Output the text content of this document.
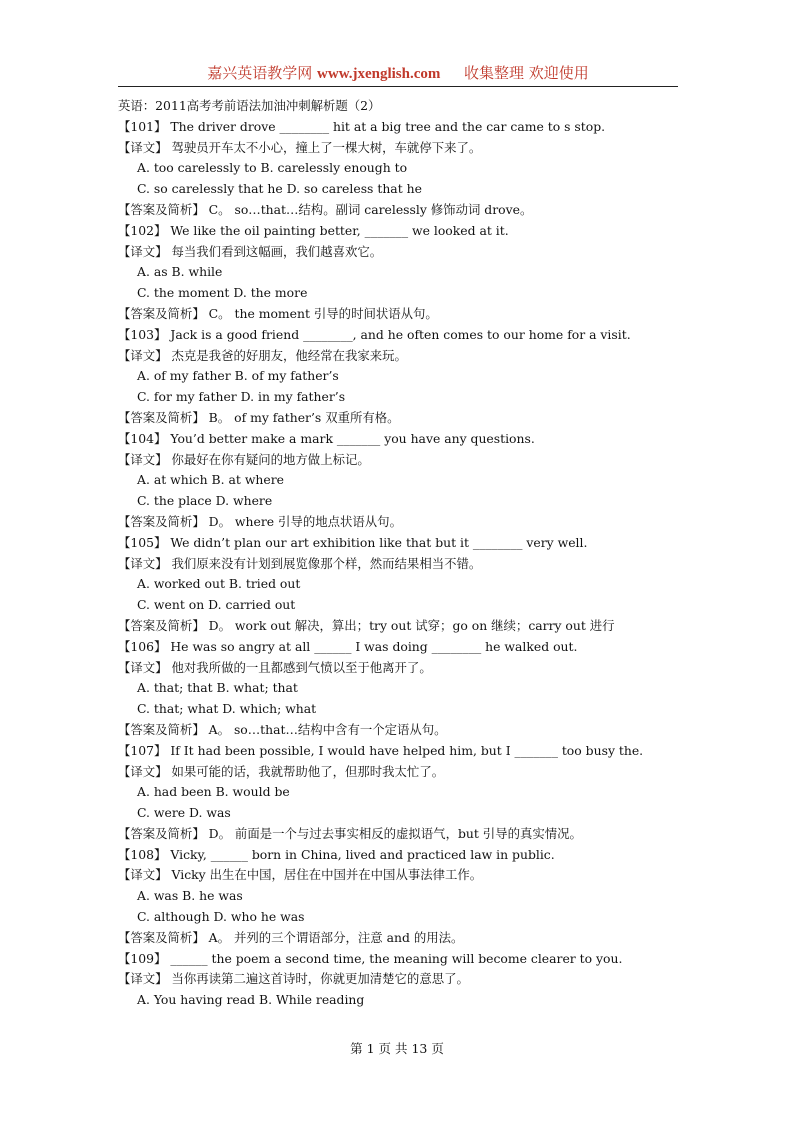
嘉兴英语教学网 www.jxenglish.com 收集整理 欢迎使用
英语：2011高考考前语法加油冲刺解析题（2）
【101】 The driver drove ________ hit at a big tree and the car came to s stop.
【译文】 驾驶员开车太不小心，撞上了一棵大树，车就停下来了。
A. too carelessly to B. carelessly enough to
C. so carelessly that he D. so careless that he
【答案及简析】 C。 so…that…结构。副词 carelessly 修饰动词 drove。
【102】 We like the oil painting better, _______ we looked at it.
【译文】 每当我们看到这幅画，我们越喜欢它。
A. as B. while
C. the moment D. the more
【答案及简析】 C。 the moment 引导的时间状语从句。
【103】 Jack is a good friend ________, and he often comes to our home for a visit.
【译文】 杰克是我爸的好朋友，他经常在我家来玩。
A. of my father B. of my father’s
C. for my father D. in my father’s
【答案及简析】 B。 of my father’s 双重所有格。
【104】 You’d better make a mark _______ you have any questions.
【译文】 你最好在你有疑问的地方做上标记。
A. at which B. at where
C. the place D. where
【答案及简析】 D。 where 引导的地点状语从句。
【105】 We didn’t plan our art exhibition like that but it ________ very well.
【译文】 我们原来没有计划到展览像那个样，然而结果相当不错。
A. worked out B. tried out
C. went on D. carried out
【答案及简析】 D。 work out 解决，算出；try out 试穿；go on 继续；carry out 进行
【106】 He was so angry at all ______ I was doing ________ he walked out.
【译文】 他对我所做的一且都感到气愤以至于他离开了。
A. that; that B. what; that
C. that; what D. which; what
【答案及简析】 A。 so…that…结构中含有一个定语从句。
【107】 If It had been possible, I would have helped him, but I _______ too busy the.
【译文】 如果可能的话，我就帮助他了，但那时我太忙了。
A. had been B. would be
C. were D. was
【答案及简析】 D。 前面是一个与过去事实相反的虚拟语气，but 引导的真实情况。
【108】 Vicky, ______ born in China, lived and practiced law in public.
【译文】 Vicky 出生在中国，居住在中国并在中国从事法律工作。
A. was B. he was
C. although D. who he was
【答案及简析】 A。 并列的三个谓语部分，注意 and 的用法。
【109】 ______ the poem a second time, the meaning will become clearer to you.
【译文】 当你再读第二遍这首诗时，你就更加清楚它的意思了。
A. You having read B. While reading
第 1 页 共 13 页
